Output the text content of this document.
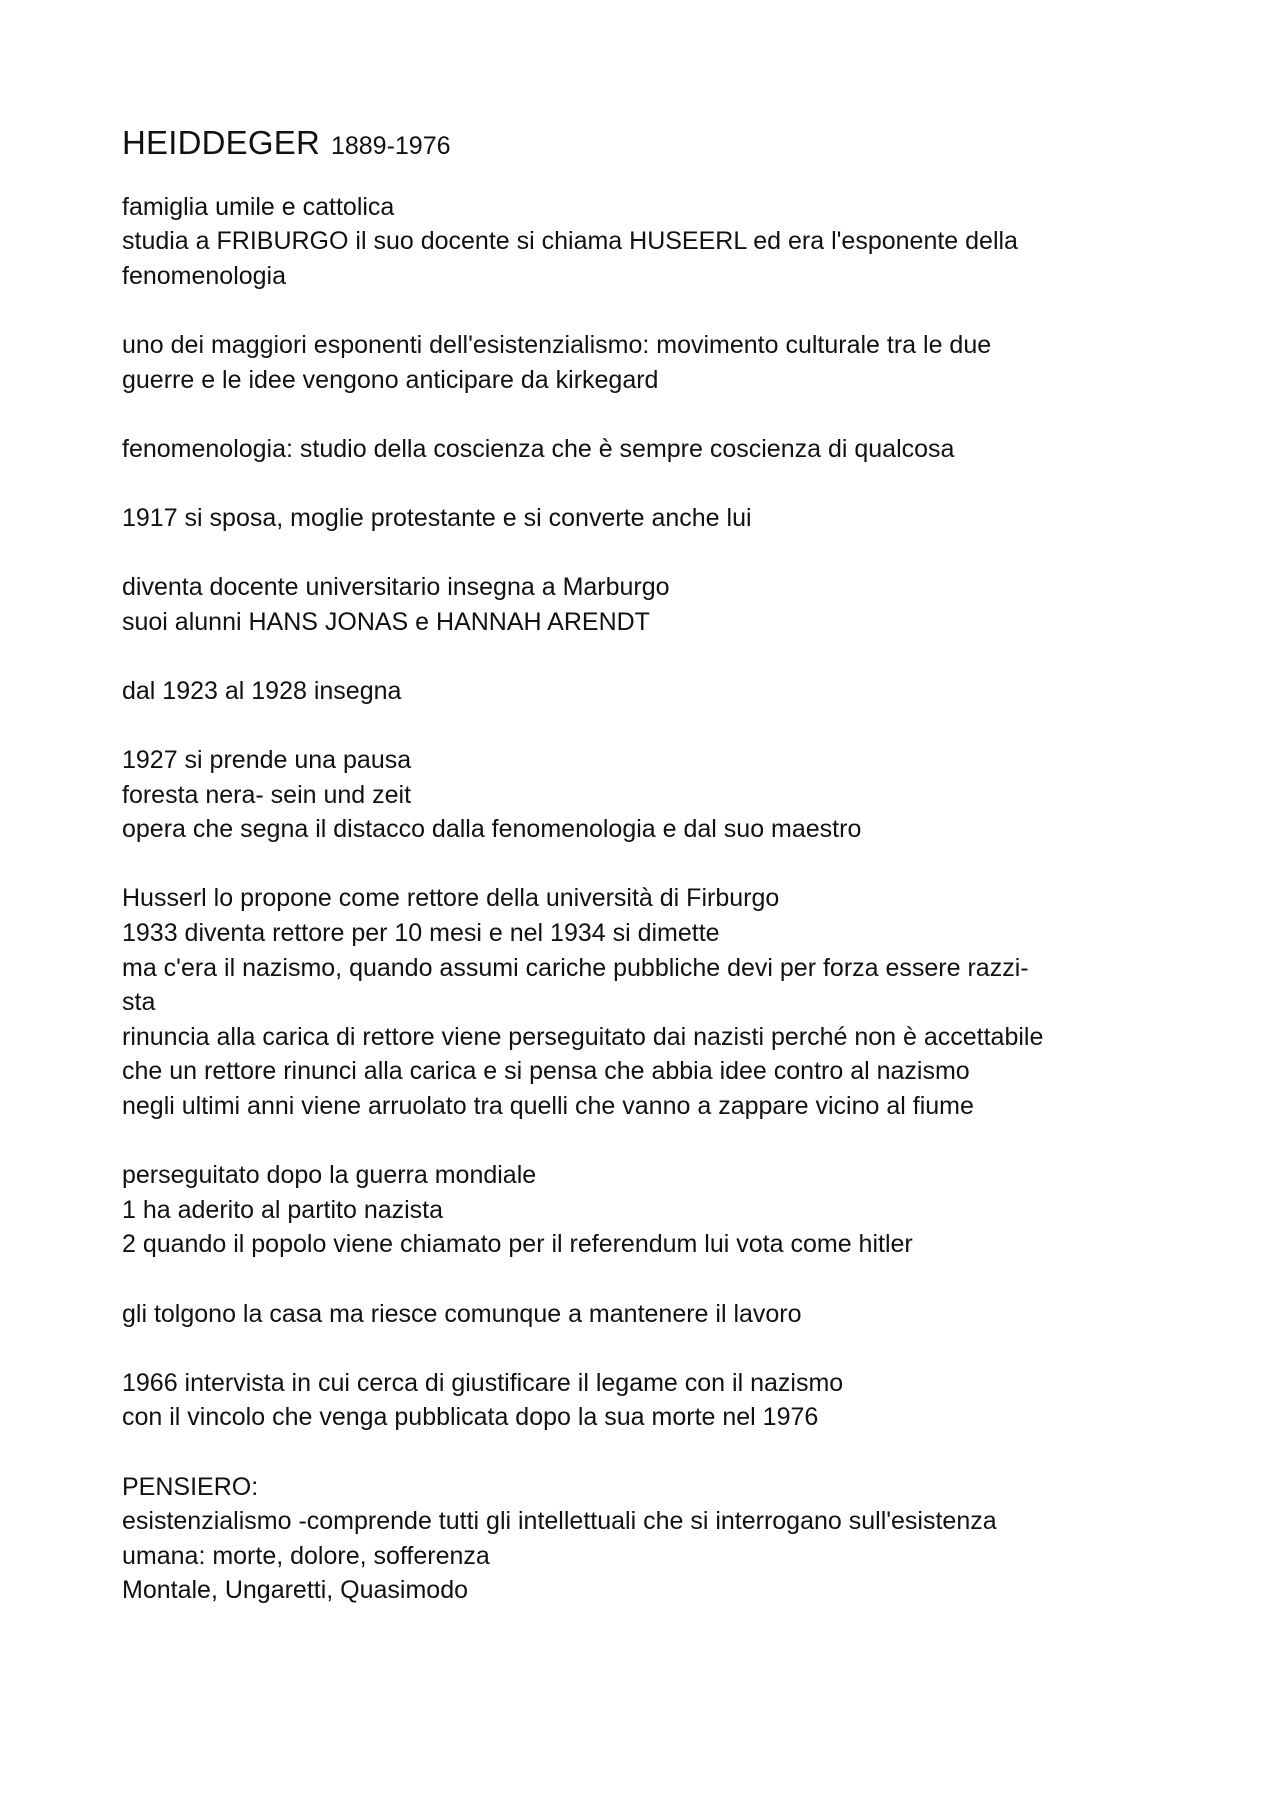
HEIDDEGER 1889-1976
famiglia umile e cattolica
studia a FRIBURGO il suo docente si chiama HUSEERL ed era l'esponente della
fenomenologia
uno dei maggiori esponenti dell'esistenzialismo: movimento culturale tra le due
guerre e le idee vengono anticipare da kirkegard
fenomenologia: studio della coscienza che è sempre coscienza di qualcosa
1917 si sposa, moglie protestante e si converte anche lui
diventa docente universitario insegna a Marburgo
suoi alunni HANS JONAS e HANNAH ARENDT
dal 1923 al 1928 insegna
1927 si prende una pausa
foresta nera- sein und zeit
opera che segna il distacco dalla fenomenologia e dal suo maestro
Husserl lo propone come rettore della università di Firburgo
1933 diventa rettore per 10 mesi e nel 1934 si dimette
ma c'era il nazismo, quando assumi cariche pubbliche devi per forza essere razzi-
sta
rinuncia alla carica di rettore viene perseguitato dai nazisti perché non è accettabile
che un rettore rinunci alla carica e si pensa che abbia idee contro al nazismo
negli ultimi anni viene arruolato tra quelli che vanno a zappare vicino al fiume
perseguitato dopo la guerra mondiale
1 ha aderito al partito nazista
2 quando il popolo viene chiamato per il referendum lui vota come hitler
gli tolgono la casa ma riesce comunque a mantenere il lavoro
1966 intervista in cui cerca di giustificare il legame con il nazismo
con il vincolo che venga pubblicata dopo la sua morte nel 1976
PENSIERO:
esistenzialismo -comprende tutti gli intellettuali che si interrogano sull'esistenza
umana: morte, dolore, sofferenza
Montale, Ungaretti, Quasimodo
